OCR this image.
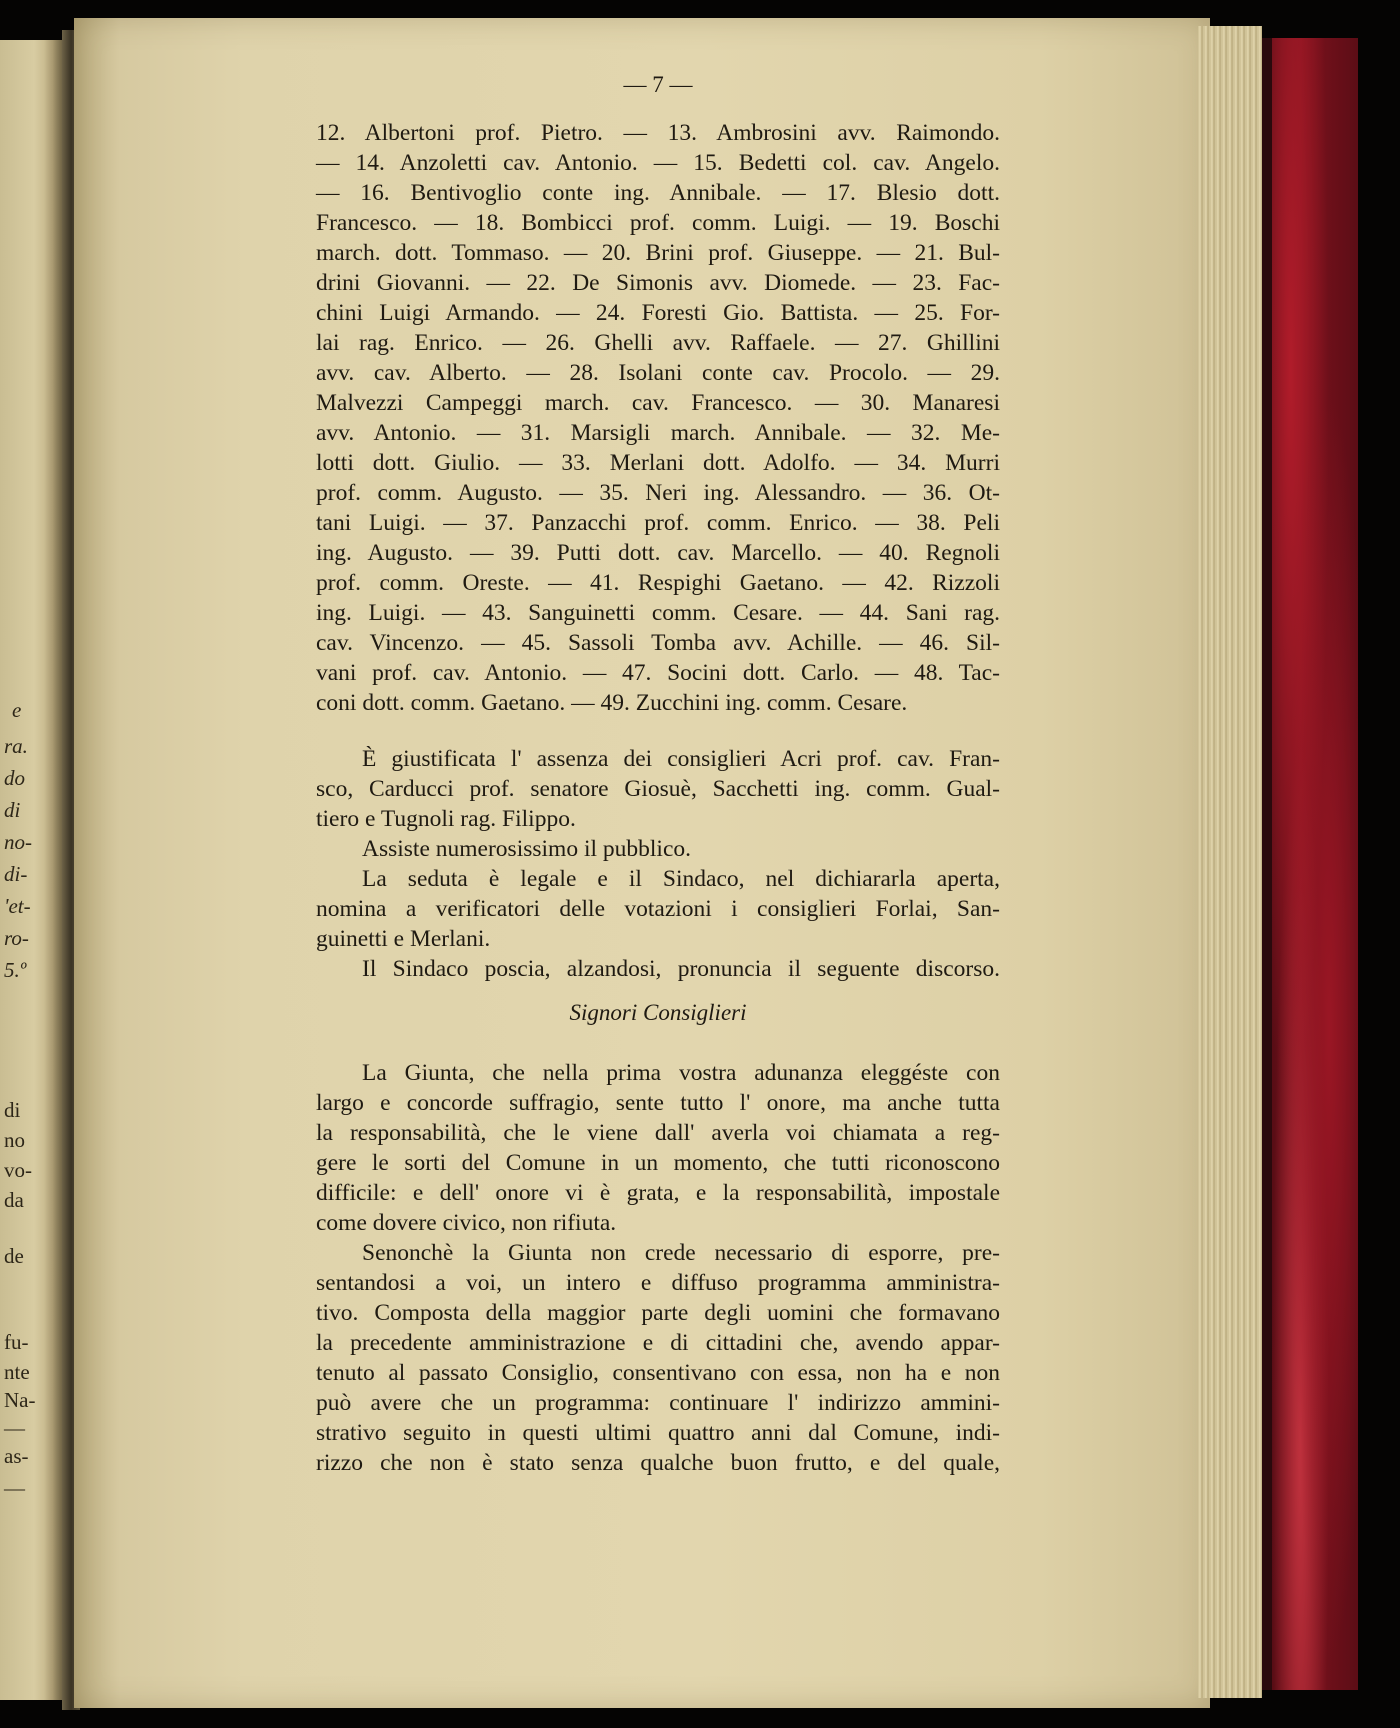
e
ra.
do
di
no-
di-
'et-
ro-
5.º
di
no
vo-
da
de
fu-
nte
Na-
—
as-
—
— 7 —
12. Albertoni prof. Pietro. — 13. Ambrosini avv. Raimondo.
— 14. Anzoletti cav. Antonio. — 15. Bedetti col. cav. Angelo.
— 16. Bentivoglio conte ing. Annibale. — 17. Blesio dott.
Francesco. — 18. Bombicci prof. comm. Luigi. — 19. Boschi
march. dott. Tommaso. — 20. Brini prof. Giuseppe. — 21. Bul-
drini Giovanni. — 22. De Simonis avv. Diomede. — 23. Fac-
chini Luigi Armando. — 24. Foresti Gio. Battista. — 25. For-
lai rag. Enrico. — 26. Ghelli avv. Raffaele. — 27. Ghillini
avv. cav. Alberto. — 28. Isolani conte cav. Procolo. — 29.
Malvezzi Campeggi march. cav. Francesco. — 30. Manaresi
avv. Antonio. — 31. Marsigli march. Annibale. — 32. Me-
lotti dott. Giulio. — 33. Merlani dott. Adolfo. — 34. Murri
prof. comm. Augusto. — 35. Neri ing. Alessandro. — 36. Ot-
tani Luigi. — 37. Panzacchi prof. comm. Enrico. — 38. Peli
ing. Augusto. — 39. Putti dott. cav. Marcello. — 40. Regnoli
prof. comm. Oreste. — 41. Respighi Gaetano. — 42. Rizzoli
ing. Luigi. — 43. Sanguinetti comm. Cesare. — 44. Sani rag.
cav. Vincenzo. — 45. Sassoli Tomba avv. Achille. — 46. Sil-
vani prof. cav. Antonio. — 47. Socini dott. Carlo. — 48. Tac-
coni dott. comm. Gaetano. — 49. Zucchini ing. comm. Cesare.
È giustificata l' assenza dei consiglieri Acri prof. cav. Fran-
sco, Carducci prof. senatore Giosuè, Sacchetti ing. comm. Gual-
tiero e Tugnoli rag. Filippo.
Assiste numerosissimo il pubblico.
La seduta è legale e il Sindaco, nel dichiararla aperta,
nomina a verificatori delle votazioni i consiglieri Forlai, San-
guinetti e Merlani.
Il Sindaco poscia, alzandosi, pronuncia il seguente discorso.
Signori Consiglieri
La Giunta, che nella prima vostra adunanza eleggéste con
largo e concorde suffragio, sente tutto l' onore, ma anche tutta
la responsabilità, che le viene dall' averla voi chiamata a reg-
gere le sorti del Comune in un momento, che tutti riconoscono
difficile: e dell' onore vi è grata, e la responsabilità, impostale
come dovere civico, non rifiuta.
Senonchè la Giunta non crede necessario di esporre, pre-
sentandosi a voi, un intero e diffuso programma amministra-
tivo. Composta della maggior parte degli uomini che formavano
la precedente amministrazione e di cittadini che, avendo appar-
tenuto al passato Consiglio, consentivano con essa, non ha e non
può avere che un programma: continuare l' indirizzo ammini-
strativo seguito in questi ultimi quattro anni dal Comune, indi-
rizzo che non è stato senza qualche buon frutto, e del quale,
